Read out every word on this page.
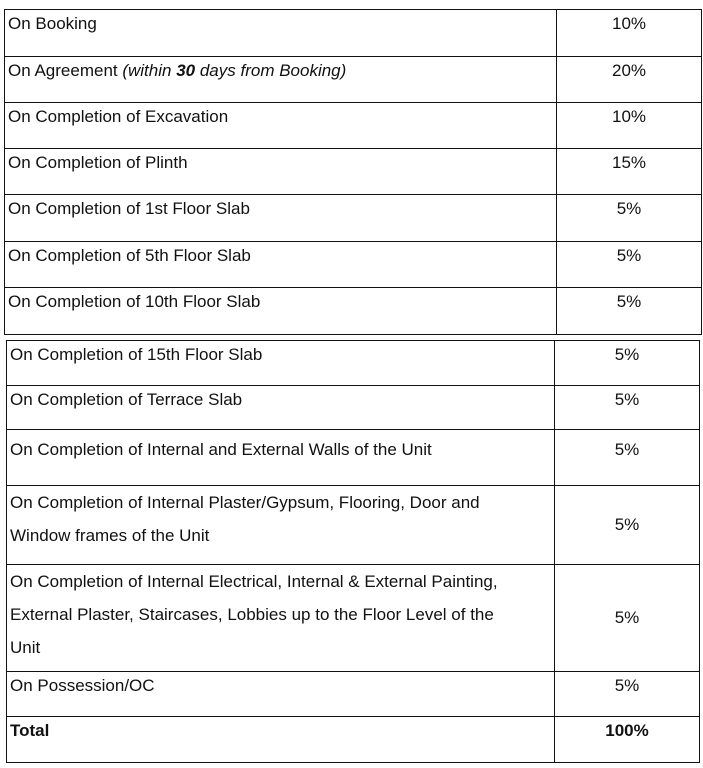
On Booking	10%
On Agreement (within 30 days from Booking)	20%
On Completion of Excavation	10%
On Completion of Plinth	15%
On Completion of 1st Floor Slab	5%
On Completion of 5th Floor Slab	5%
On Completion of 10th Floor Slab	5%
On Completion of 15th Floor Slab	5%
On Completion of Terrace Slab	5%
On Completion of Internal and External Walls of the Unit	5%

On Completion of Internal Plaster/Gypsum, Flooring, Door and
Window frames of the Unit	5%

On Completion of Internal Electrical, Internal & External Painting,
External Plaster, Staircases, Lobbies up to the Floor Level of the
Unit	5%
On Possession/OC	5%
Total	100%
